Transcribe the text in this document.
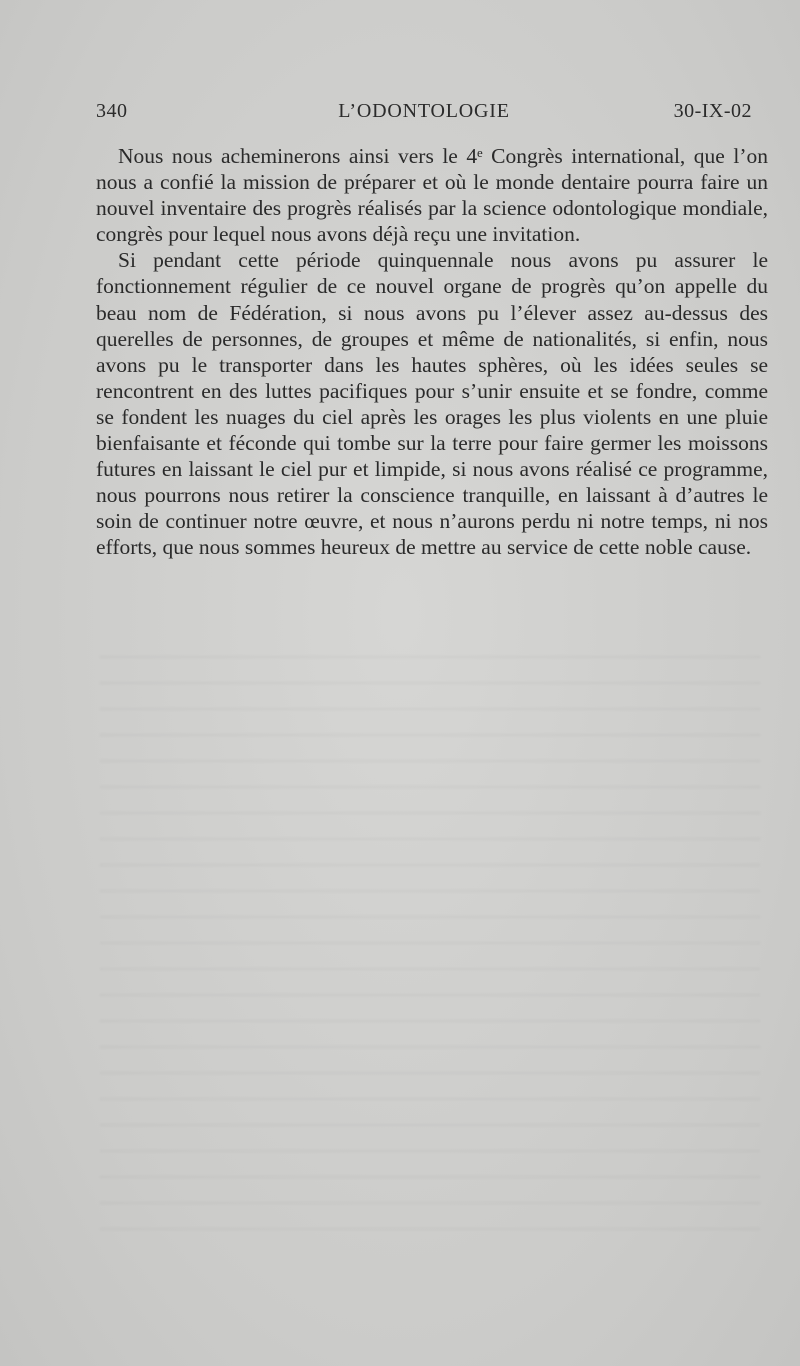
L’ODONTOLOGIE
340	30-IX-02

Nous nous acheminerons ainsi vers le 4ᵉ Congrès international, que l’on nous a confié la mission de préparer et où le monde dentaire pourra faire un nouvel inventaire des progrès réalisés par la science odontologique mondiale, congrès pour lequel nous avons déjà reçu une invitation.

Si pendant cette période quinquennale nous avons pu assurer le fonctionnement régulier de ce nouvel organe de progrès qu’on appelle du beau nom de Fédération, si nous avons pu l’élever assez au-dessus des querelles de personnes, de groupes et même de nationalités, si enfin, nous avons pu le transporter dans les hautes sphères, où les idées seules se rencontrent en des luttes pacifiques pour s’unir ensuite et se fondre, comme se fondent les nuages du ciel après les orages les plus violents en une pluie bienfaisante et féconde qui tombe sur la terre pour faire germer les moissons futures en laissant le ciel pur et limpide, si nous avons réalisé ce programme, nous pourrons nous retirer la conscience tranquille, en laissant à d’autres le soin de continuer notre œuvre, et nous n’aurons perdu ni notre temps, ni nos efforts, que nous sommes heureux de mettre au service de cette noble cause.
